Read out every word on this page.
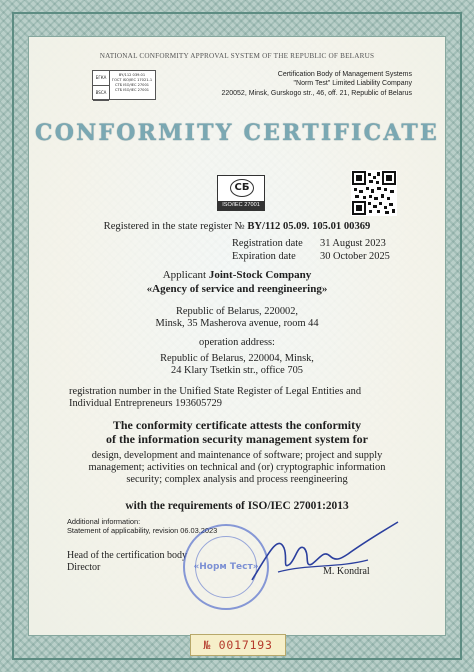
NATIONAL CONFORMITY APPROVAL SYSTEM OF THE REPUBLIC OF BELARUS
БГКА
BSCA
BY/112 039.01
ГОСТ ISO/IEC 17021-1
СТБ ISO/IEC 27001
СТБ ISO/IEC 27001
Certification Body of Management Systems
"Norm Test" Limited Liability Company
220052, Minsk, Gurskogo str., 46, off. 21, Republic of Belarus
CONFORMITY CERTIFICATE
СБ
ISO/IEC 27001
Registered in the state register № BY/112 05.09. 105.01 00369
Registration date 31 August 2023
Expiration date 30 October 2025
Applicant Joint-Stock Company
«Agency of service and reengineering»
Republic of Belarus, 220002,
Minsk, 35 Masherova avenue, room 44
operation address:
Republic of Belarus, 220004, Minsk,
24 Klary Tsetkin str., office 705
registration number in the Unified State Register of Legal Entities and
Individual Entrepreneurs 193605729
The conformity certificate attests the conformity
of the information security management system for
design, development and maintenance of software; project and supply
management; activities on technical and (or) cryptographic information
security; complex analysis and process reengineering
with the requirements of ISO/IEC 27001:2013
Additional information:
Statement of applicability, revision 06.03.2023
Head of the certification body
Director	«Норм Тест»	M. Kondral
№ 0017193
